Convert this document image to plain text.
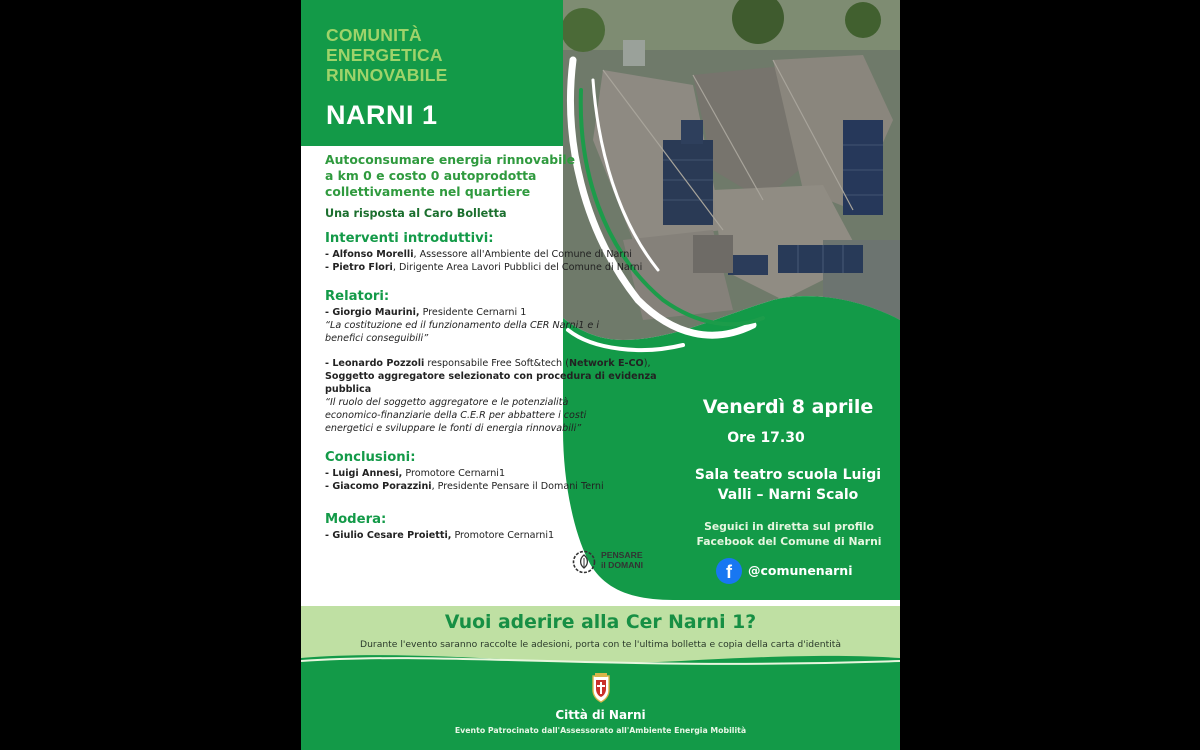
COMUNITÀ
ENERGETICA
RINNOVABILE
NARNI 1
Autoconsumare energia rinnovabile
a km 0 e costo 0 autoprodotta
collettivamente nel quartiere
Una risposta al Caro Bolletta
Interventi introduttivi:
- Alfonso Morelli, Assessore all'Ambiente del Comune di Narni
- Pietro Flori, Dirigente Area Lavori Pubblici del Comune di Narni
Relatori:
- Giorgio Maurini, Presidente Cernarni 1
“La costituzione ed il funzionamento della CER Narni1 e i
benefici conseguibili”
- Leonardo Pozzoli responsabile Free Soft&tech (Network E-CO),
Soggetto aggregatore selezionato con procedura di evidenza
pubblica
“Il ruolo del soggetto aggregatore e le potenzialità
economico-finanziarie della C.E.R per abbattere i costi
energetici e sviluppare le fonti di energia rinnovabili”
Conclusioni:
- Luigi Annesi, Promotore Cernarni1
- Giacomo Porazzini, Presidente Pensare il Domani Terni
Modera:
- Giulio Cesare Proietti, Promotore Cernarni1
PENSARE
il DOMANI
Venerdì 8 aprile
Ore 17.30
Sala teatro scuola Luigi
Valli – Narni Scalo
Seguici in diretta sul profilo
Facebook del Comune di Narni
f	@comunenarni
Vuoi aderire alla Cer Narni 1?
Durante l'evento saranno raccolte le adesioni, porta con te l'ultima bolletta e copia della carta d'identità
Città di Narni
Evento Patrocinato dall'Assessorato all'Ambiente Energia Mobilità
